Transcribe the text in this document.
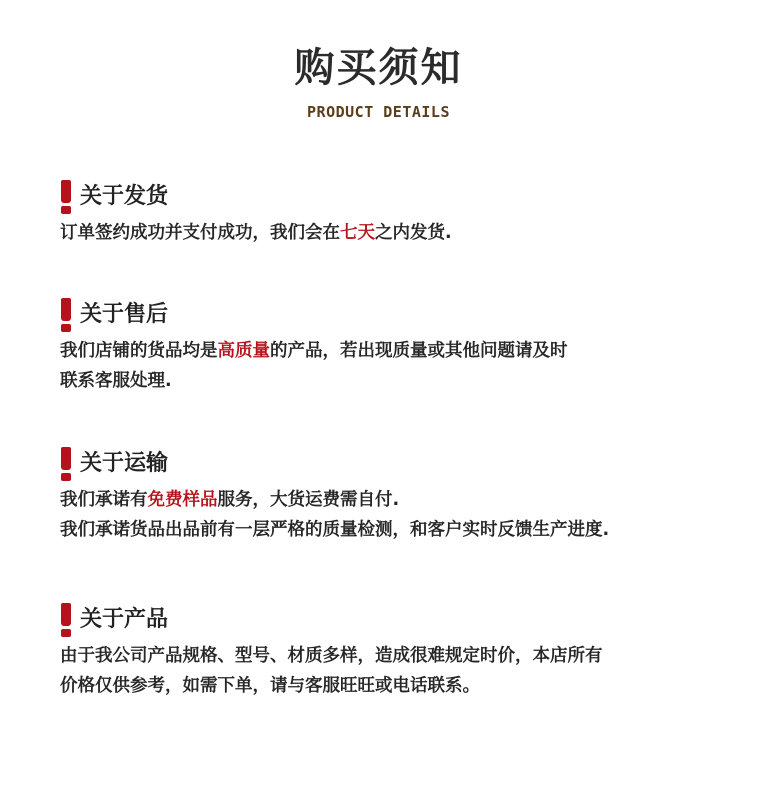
购买须知
PRODUCT DETAILS
关于发货
订单签约成功并支付成功，我们会在七天之内发货.
关于售后
我们店铺的货品均是高质量的产品，若出现质量或其他问题请及时
联系客服处理.
关于运输
我们承诺有免费样品服务，大货运费需自付.
我们承诺货品出品前有一层严格的质量检测，和客户实时反馈生产进度.
关于产品
由于我公司产品规格、型号、材质多样，造成很难规定时价，本店所有
价格仅供参考，如需下单，请与客服旺旺或电话联系。
